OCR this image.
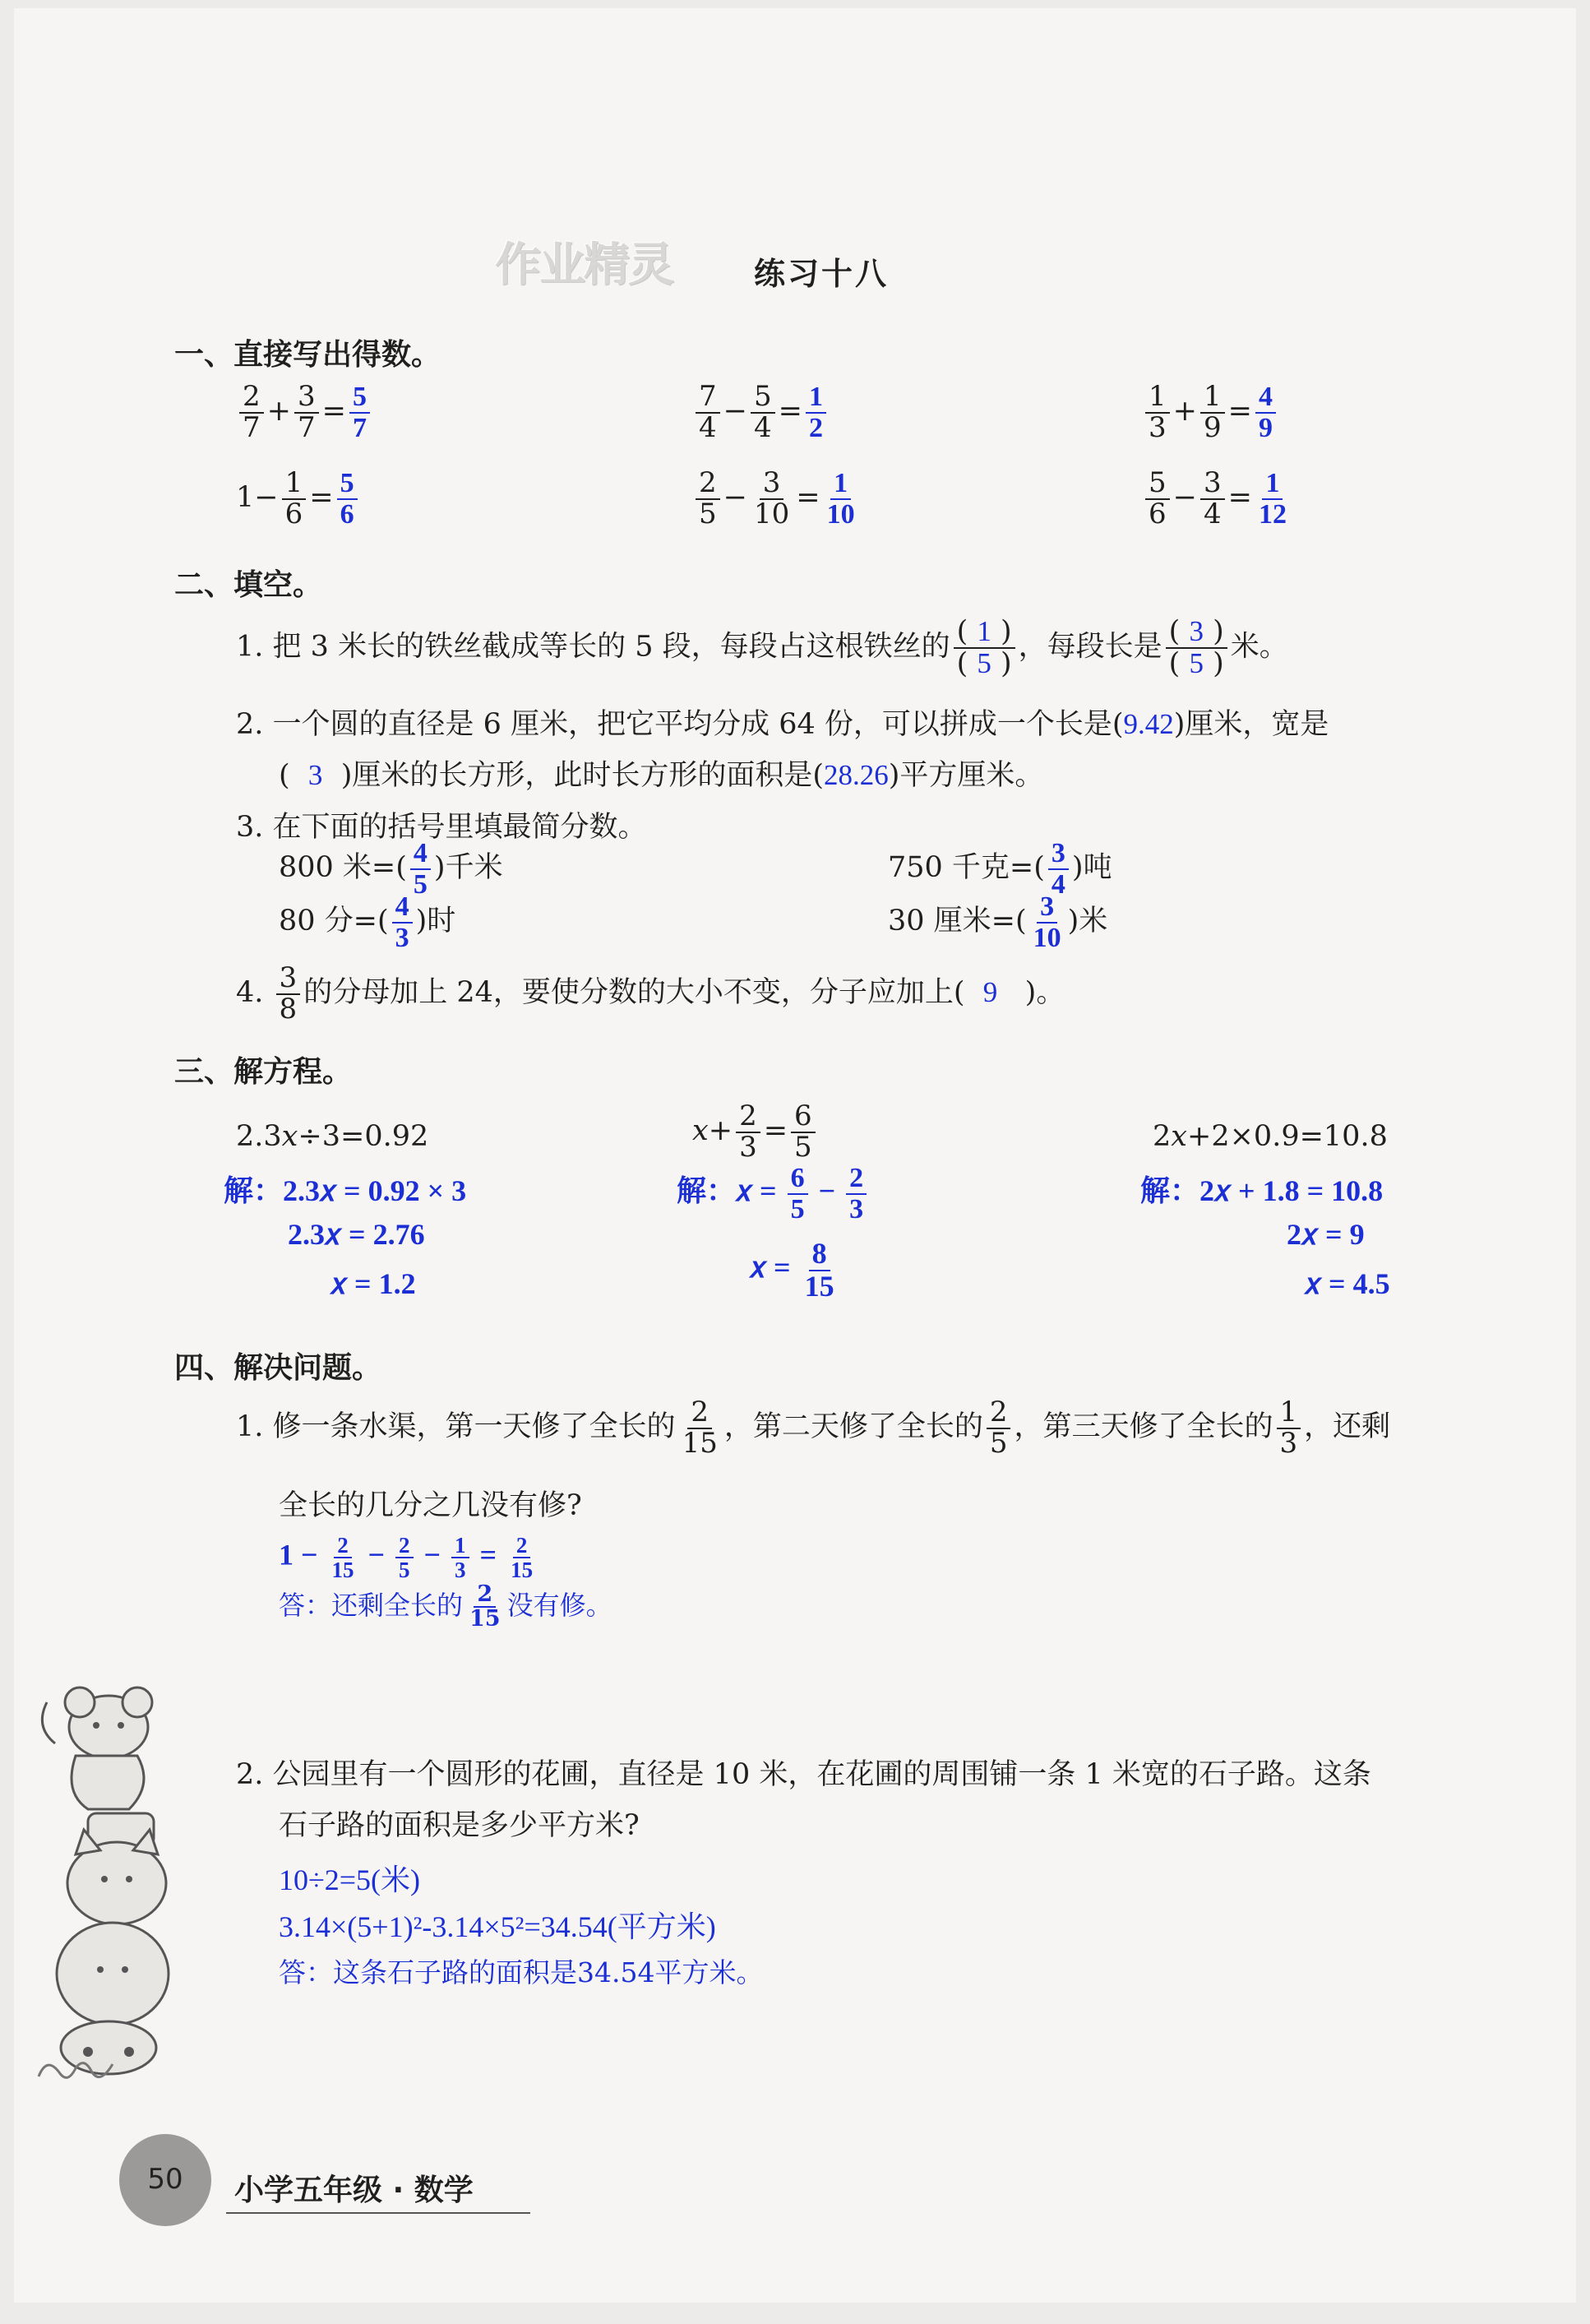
作业精灵	练习十八
一、直接写出得数。
$\frac{2}{7} + \frac{3}{7} = \frac{5}{7}$	$\frac{7}{4} - \frac{5}{4} = \frac{1}{2}$	$\frac{1}{3} + \frac{1}{9} = \frac{4}{9}$
$1- \frac{1}{6} = \frac{5}{6}$	$\frac{2}{5} - \frac{3}{10} = \frac{1}{10}$	$\frac{5}{6} - \frac{3}{4} = \frac{1}{12}$
二、填空。
1. 把 3 米长的铁丝截成等长的 5 段，每段占这根铁丝的 $\frac{( 1 )}{( 5 )}$ ，每段长是 $\frac{( 3 )}{( 5 )}$ 米。
2. 一个圆的直径是 6 厘米，把它平均分成 64 份，可以拼成一个长是(9.42)厘米，宽是
( 3 )厘米的长方形，此时长方形的面积是(28.26)平方厘米。
3. 在下面的括号里填最简分数。
800 米=( $\frac{4}{5}$ )千米	750 千克=( $\frac{3}{4}$ )吨
80 分=( $\frac{4}{3}$ )时	30 厘米=( $\frac{3}{10}$ )米
4. $\frac{3}{8}$ 的分母加上 24，要使分数的大小不变，分子应加上( 9 )。
三、解方程。
2.3𝑥÷3=0.92
解：2.3𝑥 = 0.92 × 3
2.3𝑥 = 2.76
𝑥 = 1.2
𝑥+ $\frac{2}{3} = \frac{6}{5}$
解：𝑥 = $\frac{6}{5} - \frac{2}{3}$
𝑥 = $\frac{8}{15}$
2𝑥+2×0.9=10.8
解：2𝑥 + 1.8 = 10.8
2𝑥 = 9
𝑥 = 4.5
四、解决问题。
1. 修一条水渠，第一天修了全长的 $\frac{2}{15}$ ，第二天修了全长的 $\frac{2}{5}$ ，第三天修了全长的 $\frac{1}{3}$ ，还剩
全长的几分之几没有修?
$1 - \frac{2}{15} - \frac{2}{5} - \frac{1}{3} = \frac{2}{15}$
答：还剩全长的 $\frac{2}{15}$ 没有修。
2. 公园里有一个圆形的花圃，直径是 10 米，在花圃的周围铺一条 1 米宽的石子路。这条
石子路的面积是多少平方米?
10÷2=5(米)
3.14×(5+1)²-3.14×5²=34.54(平方米)
答：这条石子路的面积是34.54平方米。
50	小学五年级 · 数学
